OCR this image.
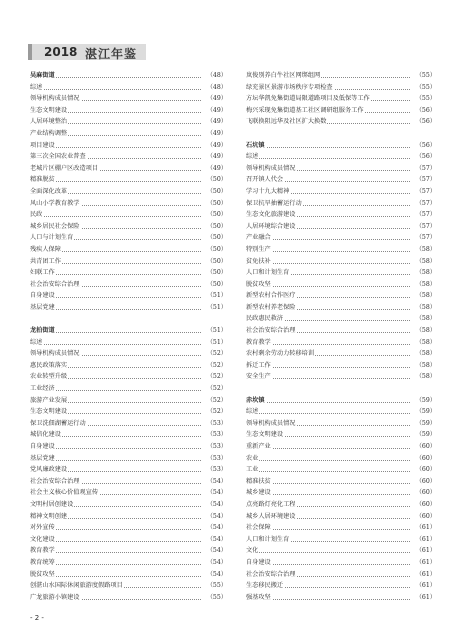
2018 湛江年鉴
吴麻街道	（48）
综述	（48）
领导机构成员情况	（49）
生态文明建设	（49）
人居环境整治	（49）
产业结构调整	（49）
项目建设	（49）
第三次全国农业普查	（49）
老城片区棚户区改造项目	（49）
精准脱贫	（50）
全面深化改革	（50）
风山小学教育教学	（50）
民政	（50）
城乡居民社会保险	（50）
人口与计划生育	（50）
残疾人保障	（50）
共青团工作	（50）
妇联工作	（50）
社会治安综合治理	（50）
自身建设	（51）
基层党建	（51）
龙拍街道	（51）
综述	（51）
领导机构成员情况	（52）
惠民政策落实	（52）
农业转型升级	（52）
工业经济	（52）
旅游产业发展	（52）
生态文明建设	（52）
保卫洗佃湖蓄运行动	（53）
城信化建设	（53）
自身建设	（53）
基层党建	（53）
党风廉政建设	（53）
社会治安综合治理	（54）
社会主义核心价值观宣传	（54）
文明村居创建设	（54）
精神文明创建	（54）
对外宣传	（54）
文化建设	（54）
教育教学	（54）
教育统筹	（54）
脱贫攻坚	（54）
创湛山水国际休闲旅游度假路项目	（55）
广龙旅游小镇建设	（55）
岚俊别养白牛社区网绑组网	（55）
绿充景区景游市场秩序专项检查	（55）
方坛华凯免集街道局限道路项目及低保等工作	（55）
梅兴采现免集街道基工社区调研组服务工作	（56）
飞联换阻远华及社区扩大换数	（56）
石坑镇	（56）
综述	（56）
领导机构成员情况	（57）
召开镇人代会	（57）
学习十九大精神	（57）
保卫抗旱抽蓄运行动	（57）
生态文化旅游建设	（57）
人居环境综合建设	（57）
产业融合	（57）
特别生产	（58）
贫免扶补	（58）
人口和计划生育	（58）
脱贫攻坚	（58）
新型农村合作医疗	（58）
新型农村养老保险	（58）
民政惠民救济	（58）
社会治安综合治理	（58）
教育教学	（58）
农村剩余劳动力转移培训	（58）
拆迁工作	（58）
安全生产	（58）
赤坎镇	（59）
综述	（59）
领导机构成员情况	（59）
生态文明建设	（59）
重新产业	（60）
农业	（60）
工业	（60）
精准扶贫	（60）
城乡建设	（60）
点亮路灯亮化工程	（60）
城乡人居环境建设	（60）
社会保障	（61）
人口和计划生育	（61）
文化	（61）
自身建设	（61）
社会治安综合治理	（61）
生态移民搬迁	（61）
强基攻坚	（61）
- 2 -
